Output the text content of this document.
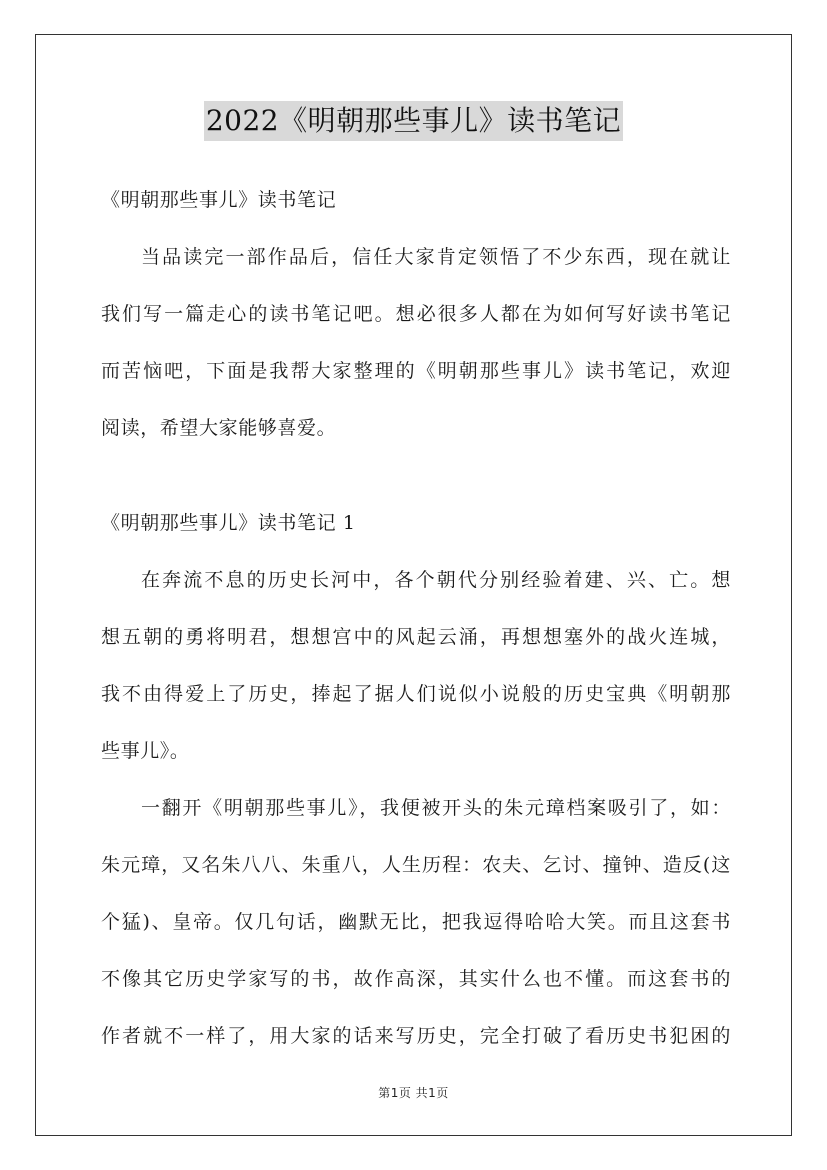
2022《明朝那些事儿》读书笔记

《明朝那些事儿》读书笔记

当品读完一部作品后，信任大家肯定领悟了不少东西，现在就让

我们写一篇走心的读书笔记吧。想必很多人都在为如何写好读书笔记

而苦恼吧，下面是我帮大家整理的《明朝那些事儿》读书笔记，欢迎

阅读，希望大家能够喜爱。

《明朝那些事儿》读书笔记 1

在奔流不息的历史长河中，各个朝代分别经验着建、兴、亡。想

想五朝的勇将明君，想想宫中的风起云涌，再想想塞外的战火连城，

我不由得爱上了历史，捧起了据人们说似小说般的历史宝典《明朝那

些事儿》。

一翻开《明朝那些事儿》，我便被开头的朱元璋档案吸引了，如：

朱元璋，又名朱八八、朱重八，人生历程：农夫、乞讨、撞钟、造反(这

个猛)、皇帝。仅几句话，幽默无比，把我逗得哈哈大笑。而且这套书

不像其它历史学家写的书，故作高深，其实什么也不懂。而这套书的

作者就不一样了，用大家的话来写历史，完全打破了看历史书犯困的

第1页 共1页
